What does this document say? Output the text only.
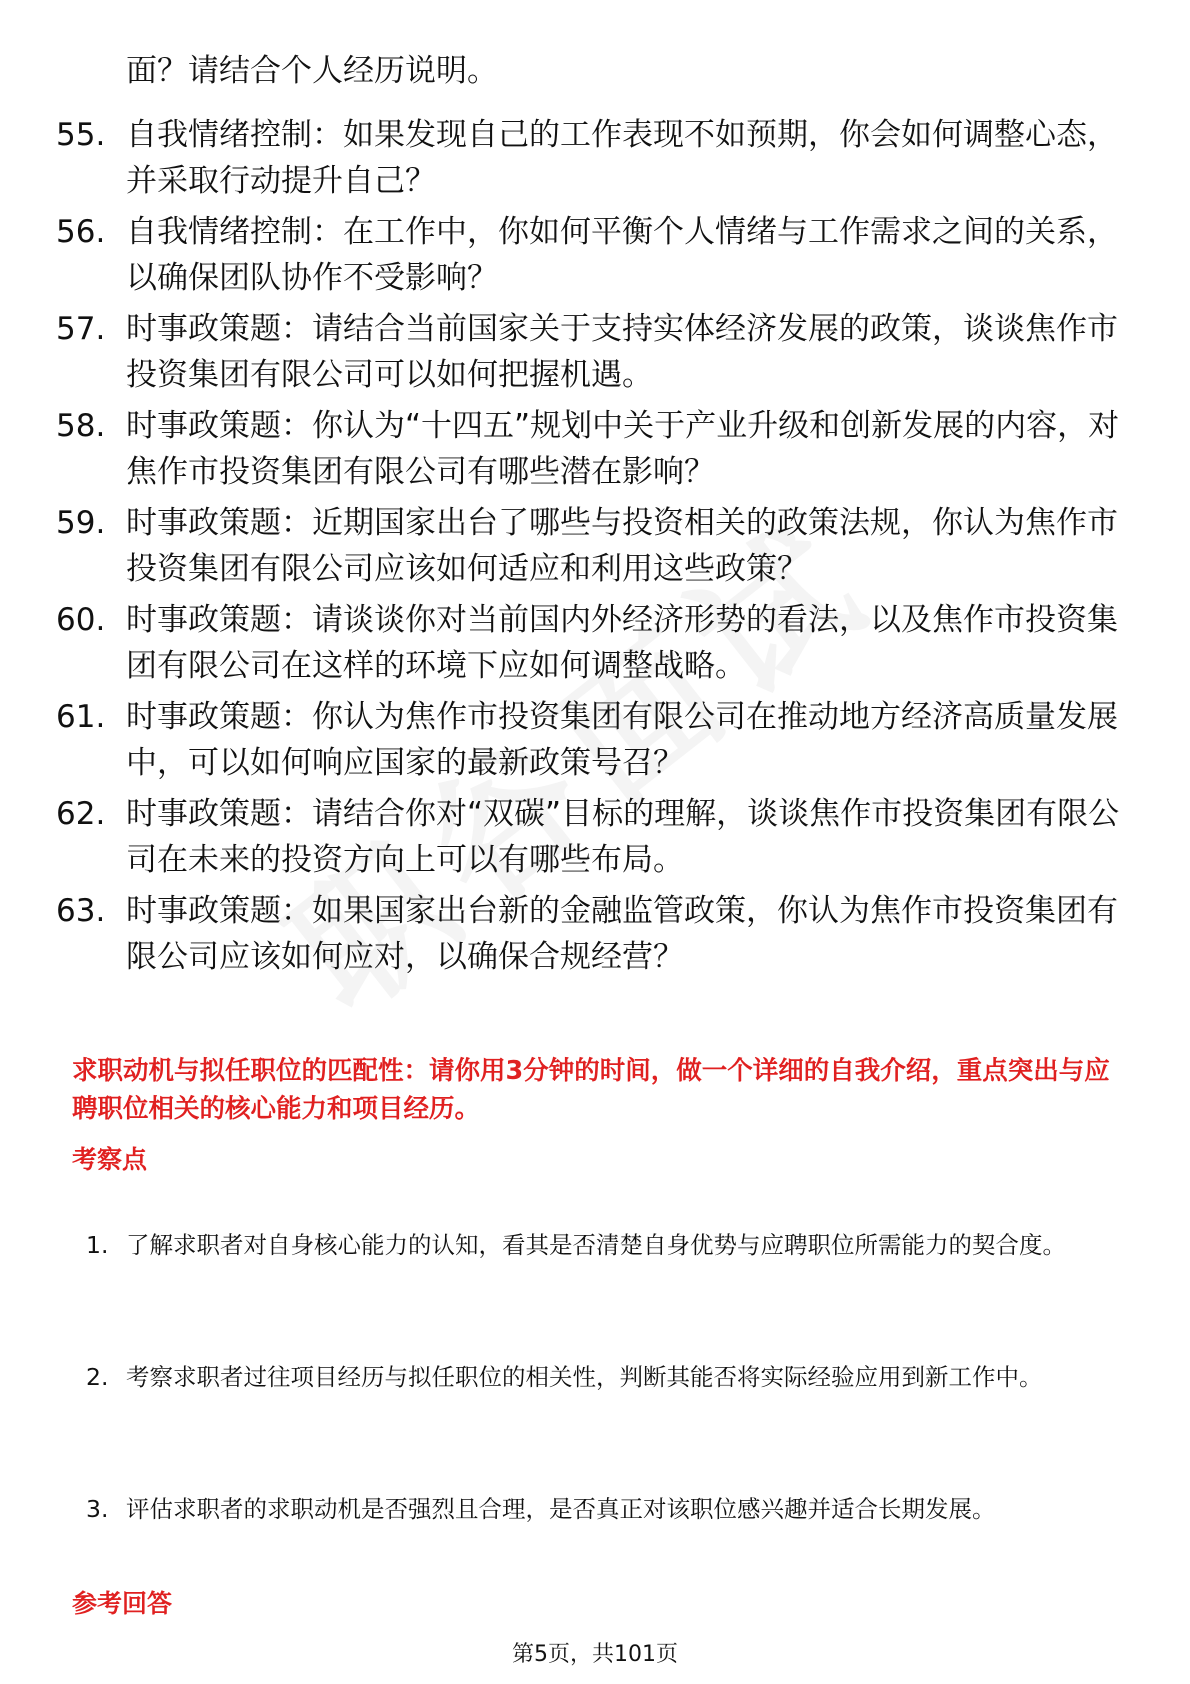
面？请结合个人经历说明。
55. 自我情绪控制：如果发现自己的工作表现不如预期，你会如何调整心态，并采取行动提升自己？
56. 自我情绪控制：在工作中，你如何平衡个人情绪与工作需求之间的关系，以确保团队协作不受影响？
57. 时事政策题：请结合当前国家关于支持实体经济发展的政策，谈谈焦作市投资集团有限公司可以如何把握机遇。
58. 时事政策题：你认为“十四五”规划中关于产业升级和创新发展的内容，对焦作市投资集团有限公司有哪些潜在影响？
59. 时事政策题：近期国家出台了哪些与投资相关的政策法规，你认为焦作市投资集团有限公司应该如何适应和利用这些政策？
60. 时事政策题：请谈谈你对当前国内外经济形势的看法，以及焦作市投资集团有限公司在这样的环境下应如何调整战略。
61. 时事政策题：你认为焦作市投资集团有限公司在推动地方经济高质量发展中，可以如何响应国家的最新政策号召？
62. 时事政策题：请结合你对“双碳”目标的理解，谈谈焦作市投资集团有限公司在未来的投资方向上可以有哪些布局。
63. 时事政策题：如果国家出台新的金融监管政策，你认为焦作市投资集团有限公司应该如何应对，以确保合规经营？
求职动机与拟任职位的匹配性：请你用3分钟的时间，做一个详细的自我介绍，重点突出与应聘职位相关的核心能力和项目经历。
考察点
1. 了解求职者对自身核心能力的认知，看其是否清楚自身优势与应聘职位所需能力的契合度。
2. 考察求职者过往项目经历与拟任职位的相关性，判断其能否将实际经验应用到新工作中。
3. 评估求职者的求职动机是否强烈且合理，是否真正对该职位感兴趣并适合长期发展。
参考回答
第5页，共101页
